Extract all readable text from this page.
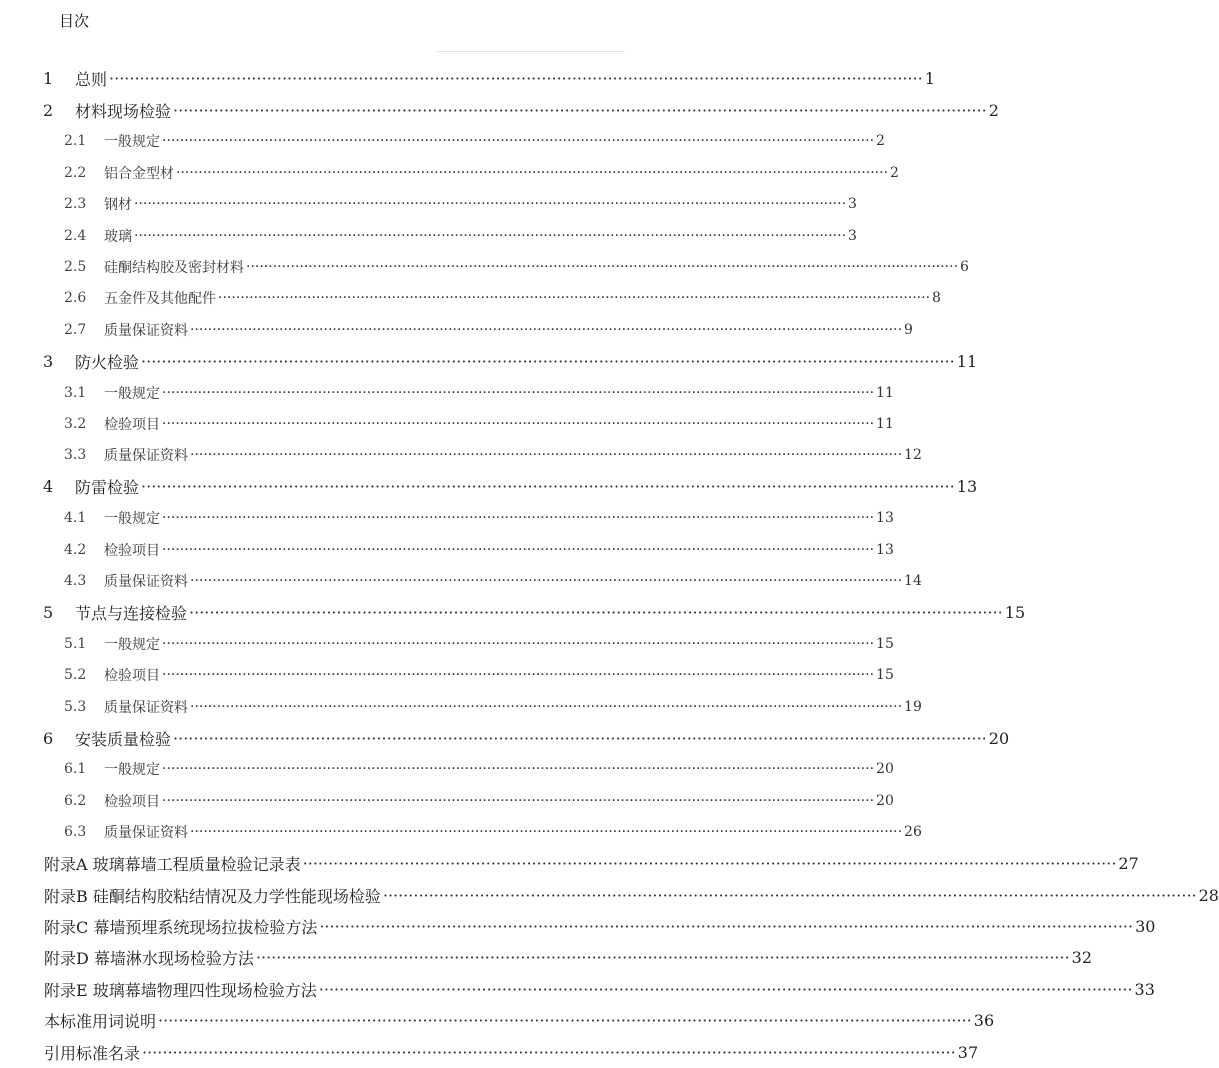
目次
1	总则 ································································································································································ 1
2	材料现场检验 ································································································································································ 2
2.1	一般规定 ································································································································································ 2
2.2	铝合金型材 ································································································································································ 2
2.3	钢材 ································································································································································ 3
2.4	玻璃 ································································································································································ 3
2.5	硅酮结构胶及密封材料 ································································································································································ 6
2.6	五金件及其他配件 ································································································································································ 8
2.7	质量保证资料 ································································································································································ 9
3	防火检验 ································································································································································ 11
3.1	一般规定 ································································································································································ 11
3.2	检验项目 ································································································································································ 11
3.3	质量保证资料 ································································································································································ 12
4	防雷检验 ································································································································································ 13
4.1	一般规定 ································································································································································ 13
4.2	检验项目 ································································································································································ 13
4.3	质量保证资料 ································································································································································ 14
5	节点与连接检验 ································································································································································ 15
5.1	一般规定 ································································································································································ 15
5.2	检验项目 ································································································································································ 15
5.3	质量保证资料 ································································································································································ 19
6	安装质量检验 ································································································································································ 20
6.1	一般规定 ································································································································································ 20
6.2	检验项目 ································································································································································ 20
6.3	质量保证资料 ································································································································································ 26
附录A 玻璃幕墙工程质量检验记录表 ································································································································································ 27
附录B 硅酮结构胶粘结情况及力学性能现场检验 ································································································································································ 28
附录C 幕墙预埋系统现场拉拔检验方法 ································································································································································ 30
附录D 幕墙淋水现场检验方法 ································································································································································ 32
附录E 玻璃幕墙物理四性现场检验方法 ································································································································································ 33
本标准用词说明 ································································································································································ 36
引用标准名录 ································································································································································ 37
